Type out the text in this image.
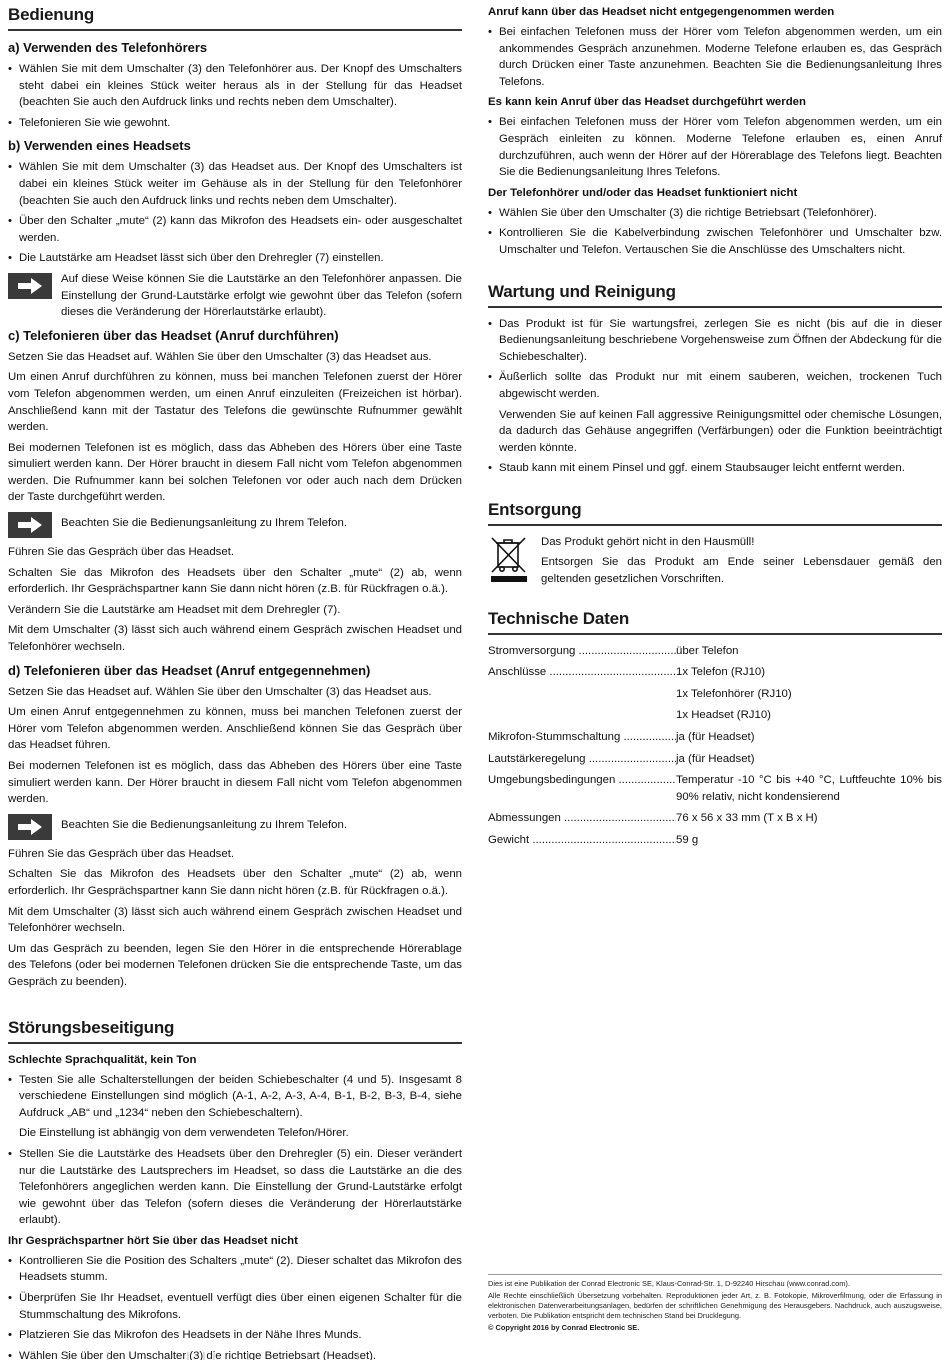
Bedienung
a) Verwenden des Telefonhörers
• Wählen Sie mit dem Umschalter (3) den Telefonhörer aus. Der Knopf des Umschalters steht dabei ein kleines Stück weiter heraus als in der Stellung für das Headset (beachten Sie auch den Aufdruck links und rechts neben dem Umschalter).
• Telefonieren Sie wie gewohnt.
b) Verwenden eines Headsets
• Wählen Sie mit dem Umschalter (3) das Headset aus. Der Knopf des Umschalters ist dabei ein kleines Stück weiter im Gehäuse als in der Stellung für den Telefonhörer (beachten Sie auch den Aufdruck links und rechts neben dem Umschalter).
• Über den Schalter „mute“ (2) kann das Mikrofon des Headsets ein- oder ausgeschaltet werden.
• Die Lautstärke am Headset lässt sich über den Drehregler (7) einstellen.
Auf diese Weise können Sie die Lautstärke an den Telefonhörer anpassen. Die Einstellung der Grund-Lautstärke erfolgt wie gewohnt über das Telefon (sofern dieses die Veränderung der Hörerlautstärke erlaubt).
c) Telefonieren über das Headset (Anruf durchführen)

Setzen Sie das Headset auf. Wählen Sie über den Umschalter (3) das Headset aus.

Um einen Anruf durchführen zu können, muss bei manchen Telefonen zuerst der Hörer vom Telefon abgenommen werden, um einen Anruf einzuleiten (Freizeichen ist hörbar). Anschließend kann mit der Tastatur des Telefons die gewünschte Rufnummer gewählt werden.

Bei modernen Telefonen ist es möglich, dass das Abheben des Hörers über eine Taste simuliert werden kann. Der Hörer braucht in diesem Fall nicht vom Telefon abgenommen werden. Die Rufnummer kann bei solchen Telefonen vor oder auch nach dem Drücken der Taste durchgeführt werden.

Beachten Sie die Bedienungsanleitung zu Ihrem Telefon.

Führen Sie das Gespräch über das Headset.

Schalten Sie das Mikrofon des Headsets über den Schalter „mute“ (2) ab, wenn erforderlich. Ihr Gesprächspartner kann Sie dann nicht hören (z.B. für Rückfragen o.ä.).

Verändern Sie die Lautstärke am Headset mit dem Drehregler (7).

Mit dem Umschalter (3) lässt sich auch während einem Gespräch zwischen Headset und Telefonhörer wechseln.

d) Telefonieren über das Headset (Anruf entgegennehmen)

Setzen Sie das Headset auf. Wählen Sie über den Umschalter (3) das Headset aus.

Um einen Anruf entgegennehmen zu können, muss bei manchen Telefonen zuerst der Hörer vom Telefon abgenommen werden. Anschließend können Sie das Gespräch über das Headset führen.

Bei modernen Telefonen ist es möglich, dass das Abheben des Hörers über eine Taste simuliert werden kann. Der Hörer braucht in diesem Fall nicht vom Telefon abgenommen werden.

Beachten Sie die Bedienungsanleitung zu Ihrem Telefon.

Führen Sie das Gespräch über das Headset.

Schalten Sie das Mikrofon des Headsets über den Schalter „mute“ (2) ab, wenn erforderlich. Ihr Gesprächspartner kann Sie dann nicht hören (z.B. für Rückfragen o.ä.).

Mit dem Umschalter (3) lässt sich auch während einem Gespräch zwischen Headset und Telefonhörer wechseln.

Um das Gespräch zu beenden, legen Sie den Hörer in die entsprechende Hörerablage des Telefons (oder bei modernen Telefonen drücken Sie die entsprechende Taste, um das Gespräch zu beenden).

Störungsbeseitigung
Schlechte Sprachqualität, kein Ton
• Testen Sie alle Schalterstellungen der beiden Schiebeschalter (4 und 5). Insgesamt 8 verschiedene Einstellungen sind möglich (A-1, A-2, A-3, A-4, B-1, B-2, B-3, B-4, siehe Aufdruck „AB“ und „1234“ neben den Schiebeschaltern).
Die Einstellung ist abhängig von dem verwendeten Telefon/Hörer.
• Stellen Sie die Lautstärke des Headsets über den Drehregler (5) ein. Dieser verändert nur die Lautstärke des Lautsprechers im Headset, so dass die Lautstärke an die des Telefonhörers angeglichen werden kann. Die Einstellung der Grund-Lautstärke erfolgt wie gewohnt über das Telefon (sofern dieses die Veränderung der Hörerlautstärke erlaubt).
Ihr Gesprächspartner hört Sie über das Headset nicht
• Kontrollieren Sie die Position des Schalters „mute“ (2). Dieser schaltet das Mikrofon des Headsets stumm.
• Überprüfen Sie Ihr Headset, eventuell verfügt dies über einen eigenen Schalter für die Stummschaltung des Mikrofons.
• Platzieren Sie das Mikrofon des Headsets in der Nähe Ihres Munds.
• Wählen Sie über den Umschalter (3) die richtige Betriebsart (Headset).
Anruf kann über das Headset nicht entgegengenommen werden
• Bei einfachen Telefonen muss der Hörer vom Telefon abgenommen werden, um ein ankommendes Gespräch anzunehmen. Moderne Telefone erlauben es, das Gespräch durch Drücken einer Taste anzunehmen. Beachten Sie die Bedienungsanleitung Ihres Telefons.
Es kann kein Anruf über das Headset durchgeführt werden
• Bei einfachen Telefonen muss der Hörer vom Telefon abgenommen werden, um ein Gespräch einleiten zu können. Moderne Telefone erlauben es, einen Anruf durchzuführen, auch wenn der Hörer auf der Hörerablage des Telefons liegt. Beachten Sie die Bedienungsanleitung Ihres Telefons.
Der Telefonhörer und/oder das Headset funktioniert nicht
• Wählen Sie über den Umschalter (3) die richtige Betriebsart (Telefonhörer).
• Kontrollieren Sie die Kabelverbindung zwischen Telefonhörer und Umschalter bzw. Umschalter und Telefon. Vertauschen Sie die Anschlüsse des Umschalters nicht.
Wartung und Reinigung
• Das Produkt ist für Sie wartungsfrei, zerlegen Sie es nicht (bis auf die in dieser Bedienungsanleitung beschriebene Vorgehensweise zum Öffnen der Abdeckung für die Schiebeschalter).
• Äußerlich sollte das Produkt nur mit einem sauberen, weichen, trockenen Tuch abgewischt werden.
Verwenden Sie auf keinen Fall aggressive Reinigungsmittel oder chemische Lösungen, da dadurch das Gehäuse angegriffen (Verfärbungen) oder die Funktion beeinträchtigt werden könnte.
• Staub kann mit einem Pinsel und ggf. einem Staubsauger leicht entfernt werden.
Entsorgung

Das Produkt gehört nicht in den Hausmüll!

Entsorgen Sie das Produkt am Ende seiner Lebensdauer gemäß den geltenden gesetzlichen Vorschriften.

Technische Daten
Stromversorgung .....	über Telefon
Anschlüsse .....	1x Telefon (RJ10)
1x Telefonhörer (RJ10)
1x Headset (RJ10)
Mikrofon-Stummschaltung .....	ja (für Headset)
Lautstärkeregelung .....	ja (für Headset)
Umgebungsbedingungen .....	Temperatur -10 °C bis +40 °C, Luftfeuchte 10% bis 90% relativ, nicht kondensierend
Abmessungen .....	76 x 56 x 33 mm (T x B x H)
Gewicht .....	59 g

Dies ist eine Publikation der Conrad Electronic SE, Klaus-Conrad-Str. 1, D-92240 Hirschau (www.conrad.com).

Alle Rechte einschließlich Übersetzung vorbehalten. Reproduktionen jeder Art, z. B. Fotokopie, Mikroverfilmung, oder die Erfassung in elektronischen Datenverarbeitungsanlagen, bedürfen der schriftlichen Genehmigung des Herausgebers. Nachdruck, auch auszugsweise, verboten. Die Publikation entspricht dem technischen Stand bei Drucklegung.

© Copyright 2016 by Conrad Electronic SE.
